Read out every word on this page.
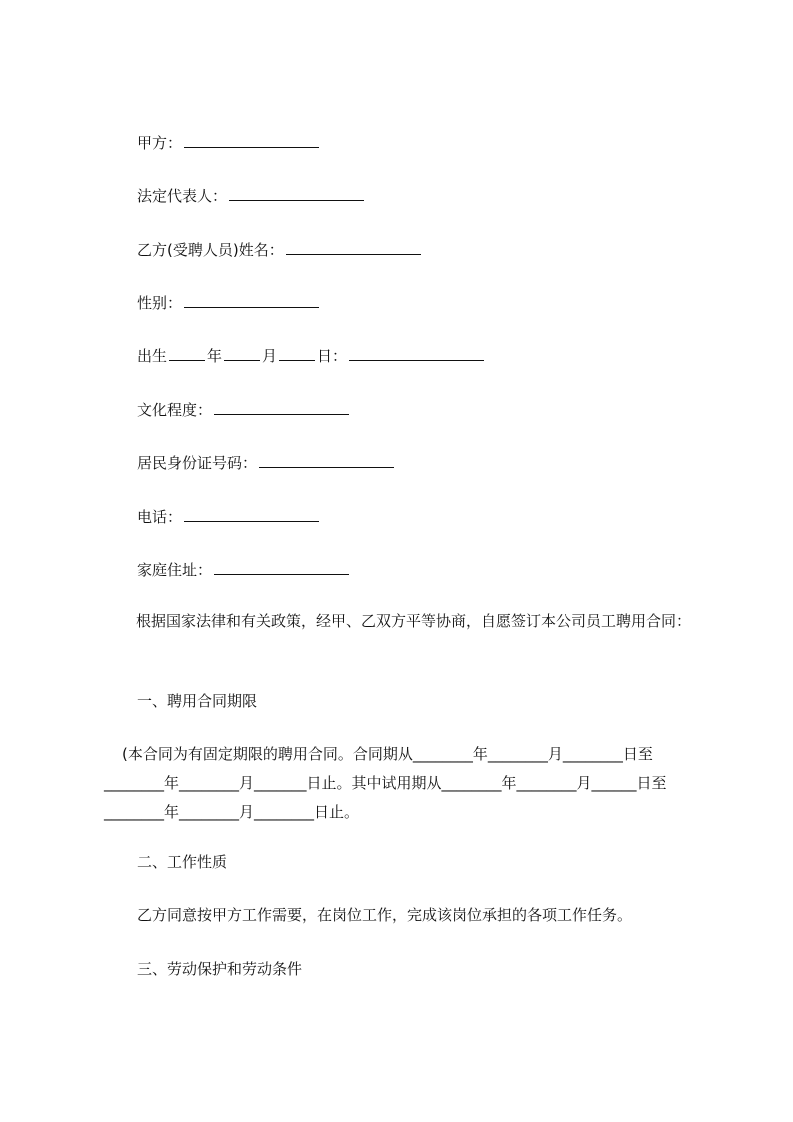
甲方：
法定代表人：
乙方(受聘人员)姓名：
性别：
出生	年	月	日：
文化程度：
居民身份证号码：
电话：
家庭住址：
根据国家法律和有关政策，经甲、乙双方平等协商，自愿签订本公司员工聘用合同：
一、聘用合同期限
(本合同为有固定期限的聘用合同。合同期从________年________月________日至________年________月_______日止。其中试用期从________年________月______日至________年________月________日止。
二、工作性质
乙方同意按甲方工作需要，在岗位工作，完成该岗位承担的各项工作任务。
三、劳动保护和劳动条件
